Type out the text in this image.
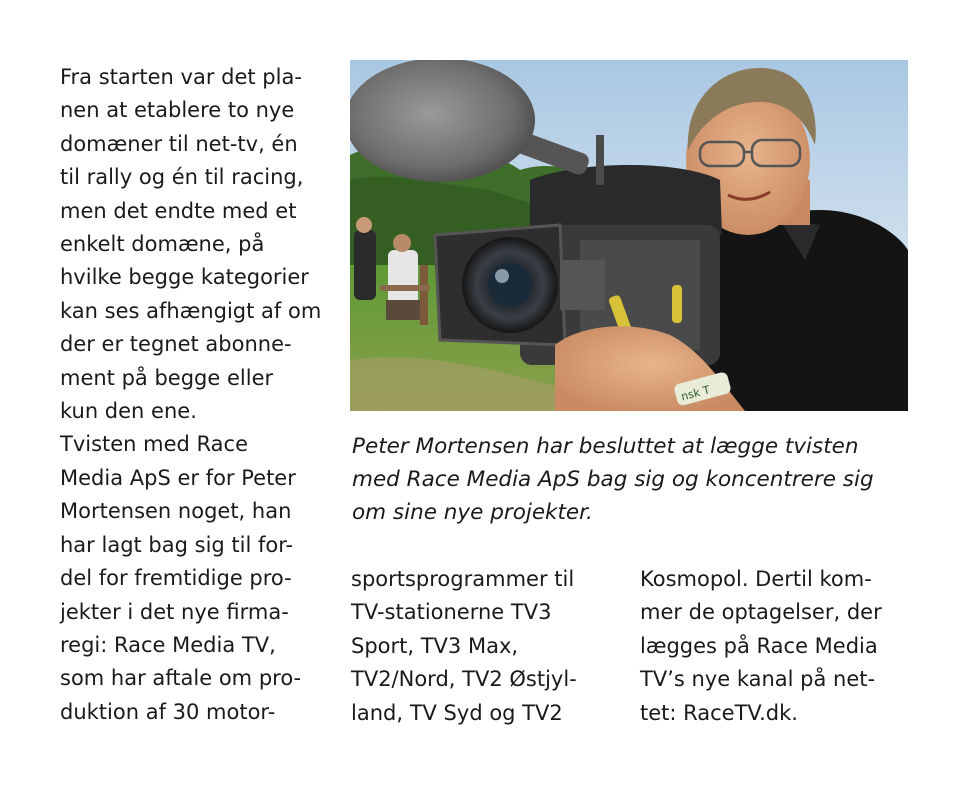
Fra starten var det pla-
nen at etablere to nye
domæner til net-tv, én
til rally og én til racing,
men det endte med et
enkelt domæne, på
hvilke begge kategorier
kan ses afhængigt af om
der er tegnet abonne-
ment på begge eller
kun den ene.
Tvisten med Race
Media ApS er for Peter
Mortensen noget, han
har lagt bag sig til for-
del for fremtidige pro-
jekter i det nye firma-
regi: Race Media TV,
som har aftale om pro-
duktion af 30 motor-
nsk T
Peter Mortensen har besluttet at lægge tvisten
med Race Media ApS bag sig og koncentrere sig
om sine nye projekter.
sportsprogrammer til
TV-stationerne TV3
Sport, TV3 Max,
TV2/Nord, TV2 Østjyl-
land, TV Syd og TV2
Kosmopol. Dertil kom-
mer de optagelser, der
lægges på Race Media
TV’s nye kanal på net-
tet: RaceTV.dk.
